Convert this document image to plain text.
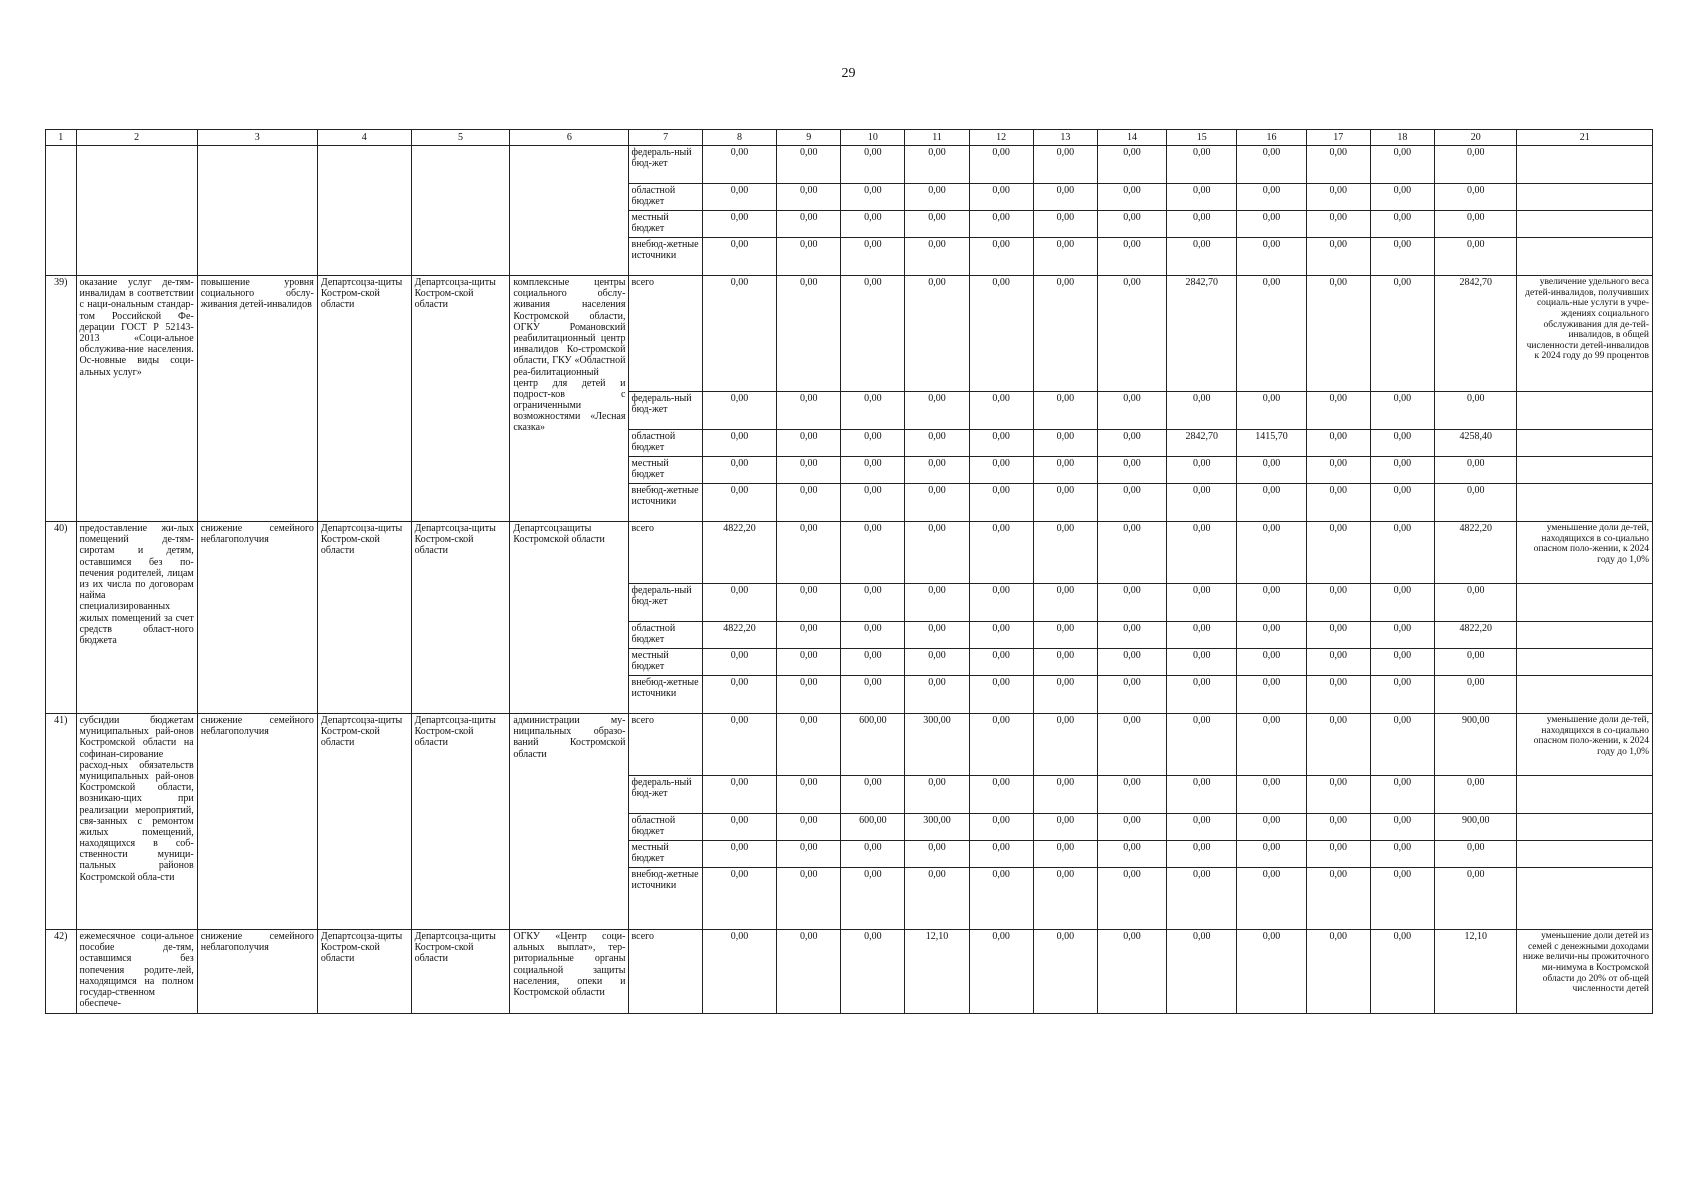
29
1	2	3	4	5	6	7	8	9	10	11	12	13	14	15	16	17	18	20	21
						федераль-ный бюд-жет	0,00	0,00	0,00	0,00	0,00	0,00	0,00	0,00	0,00	0,00	0,00	0,00	
						областной бюджет	0,00	0,00	0,00	0,00	0,00	0,00	0,00	0,00	0,00	0,00	0,00	0,00	
						местный бюджет	0,00	0,00	0,00	0,00	0,00	0,00	0,00	0,00	0,00	0,00	0,00	0,00	
						внебюд-жетные источники	0,00	0,00	0,00	0,00	0,00	0,00	0,00	0,00	0,00	0,00	0,00	0,00	
39)	оказание услуг де-тям-инвалидам в соответствии с наци-ональным стандар-том Российской Фе-дерации ГОСТ Р 52143-2013 «Соци-альное обслужива-ние населения. Ос-новные виды соци-альных услуг»	повышение уровня социального обслу-живания детей-инвалидов	Департсоцза-щиты Костром-ской области	Департсоцза-щиты Костром-ской области	комплексные центры социального обслу-живания населения Костромской области, ОГКУ Романовский реабилитационный центр инвалидов Ко-стромской области, ГКУ «Областной реа-билитационный центр для детей и подрост-ков с ограниченными возможностями «Лесная сказка»	всего	0,00	0,00	0,00	0,00	0,00	0,00	0,00	2842,70	0,00	0,00	0,00	2842,70	увеличение удельного веса детей-инвалидов, получивших социаль-ные услуги в учре-ждениях социального обслуживания для де-тей-инвалидов, в общей численности детей-инвалидов к 2024 году до 99 процентов
						федераль-ный бюд-жет	0,00	0,00	0,00	0,00	0,00	0,00	0,00	0,00	0,00	0,00	0,00	0,00	
						областной бюджет	0,00	0,00	0,00	0,00	0,00	0,00	0,00	2842,70	1415,70	0,00	0,00	4258,40	
						местный бюджет	0,00	0,00	0,00	0,00	0,00	0,00	0,00	0,00	0,00	0,00	0,00	0,00	
						внебюд-жетные источники	0,00	0,00	0,00	0,00	0,00	0,00	0,00	0,00	0,00	0,00	0,00	0,00	
40)	предоставление жи-лых помещений де-тям-сиротам и детям, оставшимся без по-печения родителей, лицам из их числа по договорам найма специализированных жилых помещений за счет средств област-ного бюджета	снижение семейного неблагополучия	Департсоцза-щиты Костром-ской области	Департсоцза-щиты Костром-ской области	Департсоцзащиты Костромской области	всего	4822,20	0,00	0,00	0,00	0,00	0,00	0,00	0,00	0,00	0,00	0,00	4822,20	уменьшение доли де-тей, находящихся в со-циально опасном поло-жении, к 2024 году до 1,0%
						федераль-ный бюд-жет	0,00	0,00	0,00	0,00	0,00	0,00	0,00	0,00	0,00	0,00	0,00	0,00	
						областной бюджет	4822,20	0,00	0,00	0,00	0,00	0,00	0,00	0,00	0,00	0,00	0,00	4822,20	
						местный бюджет	0,00	0,00	0,00	0,00	0,00	0,00	0,00	0,00	0,00	0,00	0,00	0,00	
						внебюд-жетные источники	0,00	0,00	0,00	0,00	0,00	0,00	0,00	0,00	0,00	0,00	0,00	0,00	
41)	субсидии бюджетам муниципальных рай-онов Костромской области на софинан-сирование расход-ных обязательств муниципальных рай-онов Костромской области, возникаю-щих при реализации мероприятий, свя-занных с ремонтом жилых помещений, находящихся в соб-ственности муници-пальных районов Костромской обла-сти	снижение семейного неблагополучия	Департсоцза-щиты Костром-ской области	Департсоцза-щиты Костром-ской области	администрации му-ниципальных образо-ваний Костромской области	всего	0,00	0,00	600,00	300,00	0,00	0,00	0,00	0,00	0,00	0,00	0,00	900,00	уменьшение доли де-тей, находящихся в со-циально опасном поло-жении, к 2024 году до 1,0%
						федераль-ный бюд-жет	0,00	0,00	0,00	0,00	0,00	0,00	0,00	0,00	0,00	0,00	0,00	0,00	
						областной бюджет	0,00	0,00	600,00	300,00	0,00	0,00	0,00	0,00	0,00	0,00	0,00	900,00	
						местный бюджет	0,00	0,00	0,00	0,00	0,00	0,00	0,00	0,00	0,00	0,00	0,00	0,00	
						внебюд-жетные источники	0,00	0,00	0,00	0,00	0,00	0,00	0,00	0,00	0,00	0,00	0,00	0,00	
42)	ежемесячное соци-альное пособие де-тям, оставшимся без попечения родите-лей, находящимся на полном государ-ственном обеспече-	снижение семейного неблагополучия	Департсоцза-щиты Костром-ской области	Департсоцза-щиты Костром-ской области	ОГКУ «Центр соци-альных выплат», тер-риториальные органы социальной защиты населения, опеки и Костромской области	всего	0,00	0,00	0,00	12,10	0,00	0,00	0,00	0,00	0,00	0,00	0,00	12,10	уменьшение доли детей из семей с денежными доходами ниже величи-ны прожиточного ми-нимума в Костромской области до 20% от об-щей численности детей
